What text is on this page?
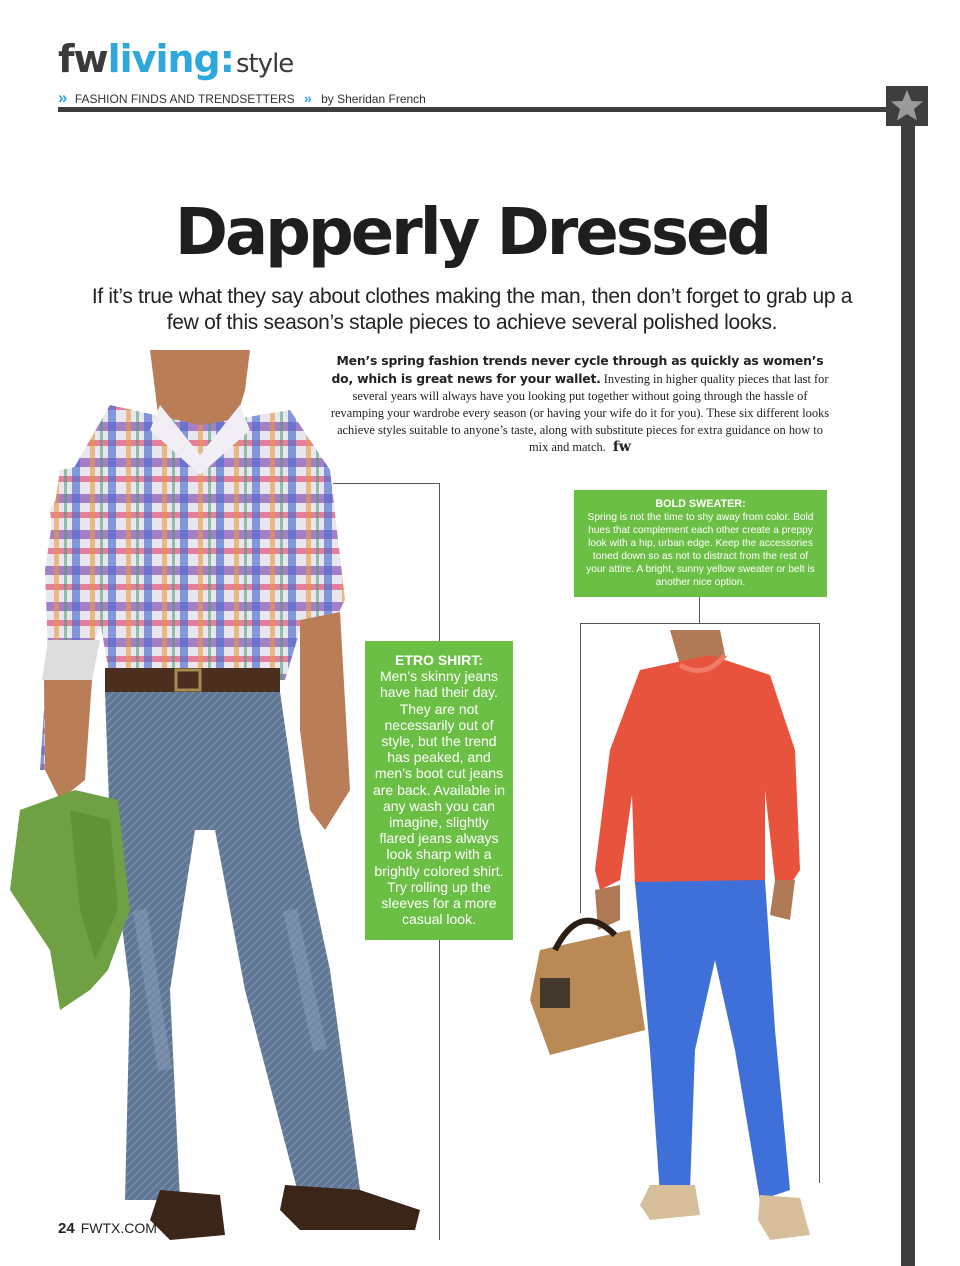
fwliving:style
» FASHION FINDS AND TRENDSETTERS » by Sheridan French
Dapperly Dressed
If it’s true what they say about clothes making the man, then don’t forget to grab up a few of this season’s staple pieces to achieve several polished looks.
Men’s spring fashion trends never cycle through as quickly as women’s do, which is great news for your wallet. Investing in higher quality pieces that last for several years will always have you looking put together without going through the hassle of revamping your wardrobe every season (or having your wife do it for you). These six different looks achieve styles suitable to anyone’s taste, along with substitute pieces for extra guidance on how to mix and match. fw
ETRO SHIRT:
Men’s skinny jeans have had their day. They are not necessarily out of style, but the trend has peaked, and men’s boot cut jeans are back. Available in any wash you can imagine, slightly flared jeans always look sharp with a brightly colored shirt. Try rolling up the sleeves for a more casual look.
BOLD SWEATER:
Spring is not the time to shy away from color. Bold hues that complement each other create a preppy look with a hip, urban edge. Keep the accessories toned down so as not to distract from the rest of your attire. A bright, sunny yellow sweater or belt is another nice option.
24 FWTX.COM
